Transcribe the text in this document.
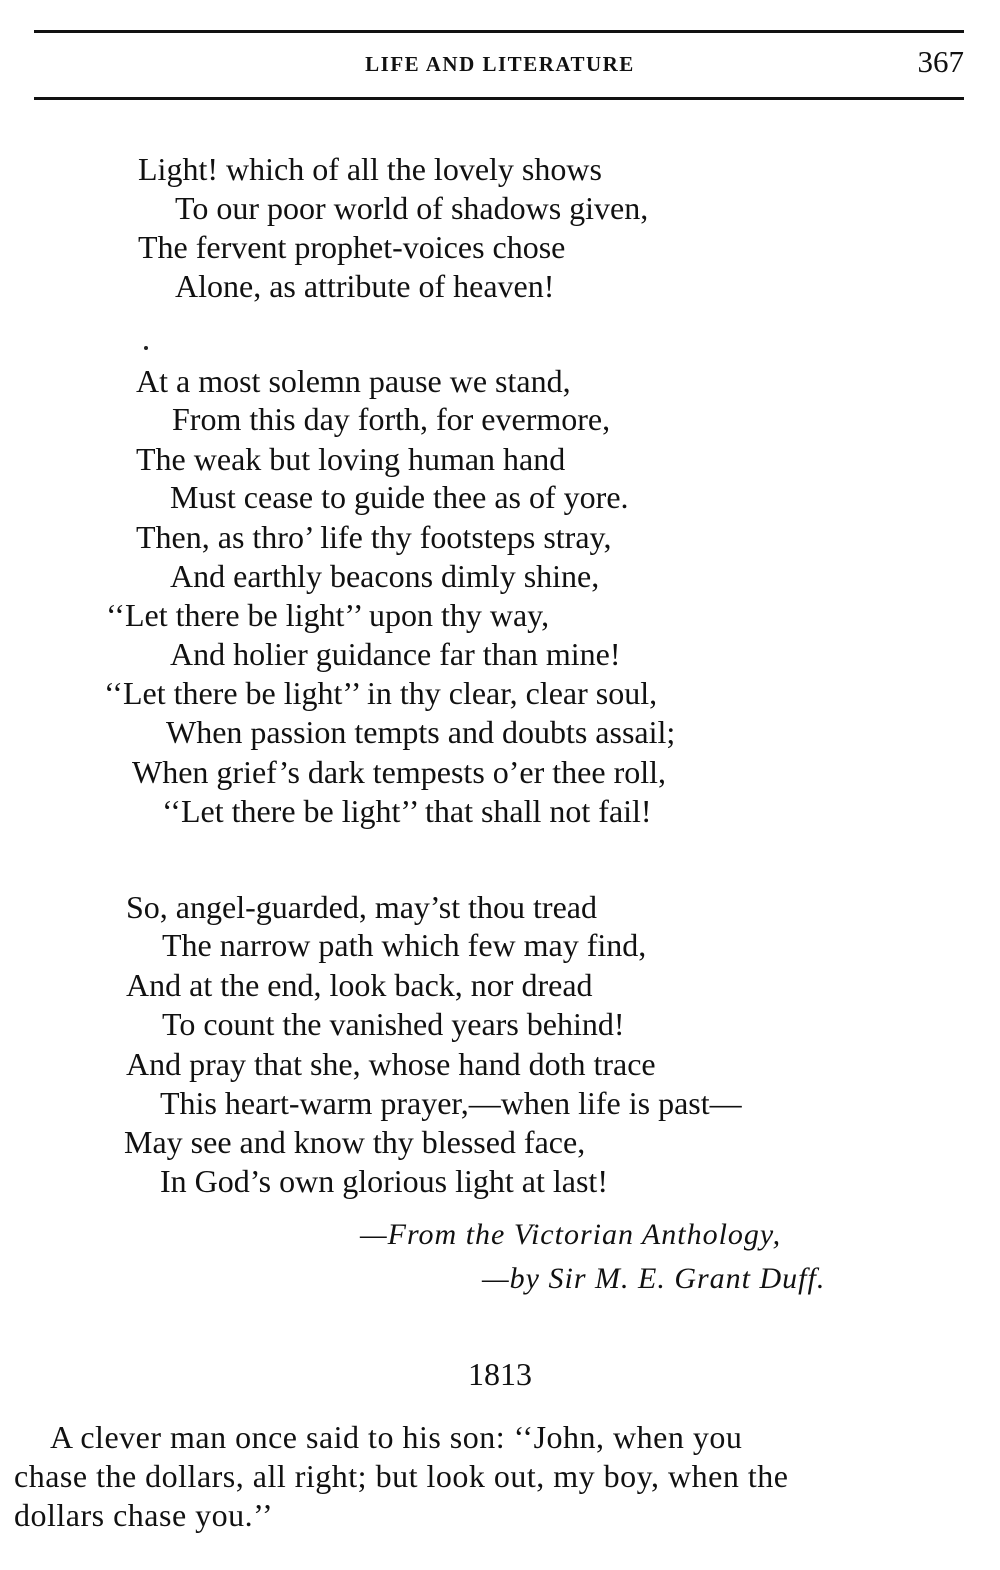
LIFE AND LITERATURE	367
Light! which of all the lovely shows
To our poor world of shadows given,
The fervent prophet-voices chose
Alone, as attribute of heaven!
At a most solemn pause we stand,
From this day forth, for evermore,
The weak but loving human hand
Must cease to guide thee as of yore.
Then, as thro’ life thy footsteps stray,
And earthly beacons dimly shine,
‘‘Let there be light’’ upon thy way,
And holier guidance far than mine!
‘‘Let there be light’’ in thy clear, clear soul,
When passion tempts and doubts assail;
When grief’s dark tempests o’er thee roll,
‘‘Let there be light’’ that shall not fail!
So, angel-guarded, may’st thou tread
The narrow path which few may find,
And at the end, look back, nor dread
To count the vanished years behind!
And pray that she, whose hand doth trace
This heart-warm prayer,—when life is past—
May see and know thy blessed face,
In God’s own glorious light at last!
—From the Victorian Anthology,
—by Sir M. E. Grant Duff.
1813
A clever man once said to his son: ‘‘John, when you
chase the dollars, all right; but look out, my boy, when the
dollars chase you.’’
